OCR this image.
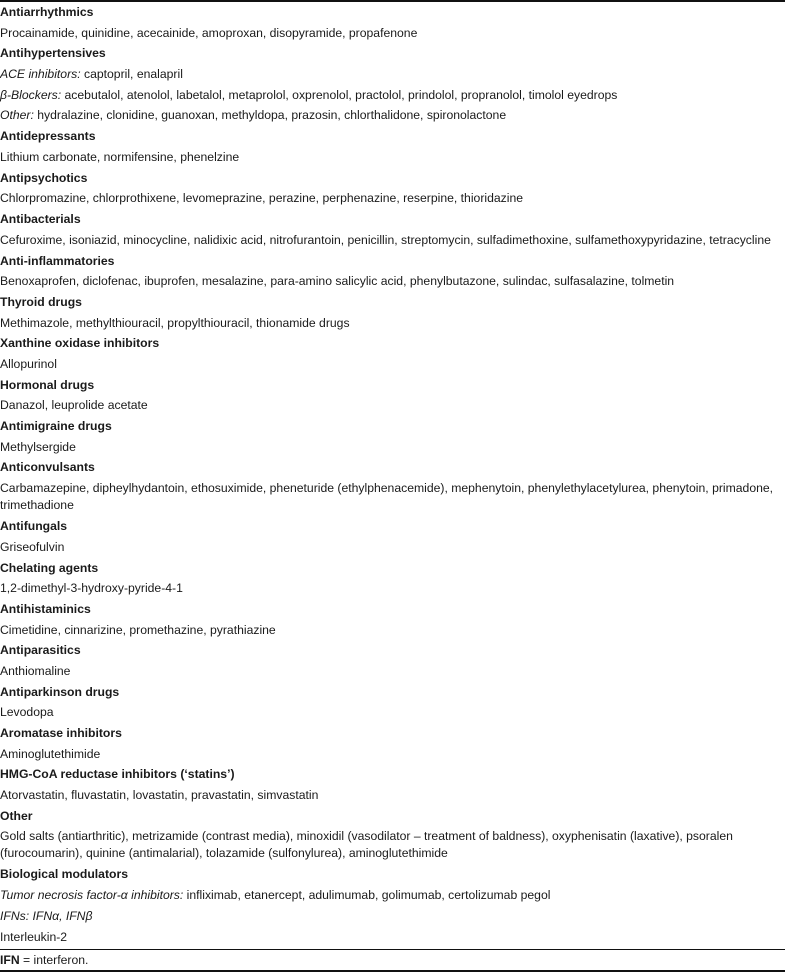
Antiarrhythmics
Procainamide, quinidine, acecainide, amoproxan, disopyramide, propafenone
Antihypertensives
ACE inhibitors: captopril, enalapril
β-Blockers: acebutalol, atenolol, labetalol, metaprolol, oxprenolol, practolol, prindolol, propranolol, timolol eyedrops
Other: hydralazine, clonidine, guanoxan, methyldopa, prazosin, chlorthalidone, spironolactone
Antidepressants
Lithium carbonate, normifensine, phenelzine
Antipsychotics
Chlorpromazine, chlorprothixene, levomeprazine, perazine, perphenazine, reserpine, thioridazine
Antibacterials
Cefuroxime, isoniazid, minocycline, nalidixic acid, nitrofurantoin, penicillin, streptomycin, sulfadimethoxine, sulfamethoxypyridazine, tetracycline
Anti-inflammatories
Benoxaprofen, diclofenac, ibuprofen, mesalazine, para-amino salicylic acid, phenylbutazone, sulindac, sulfasalazine, tolmetin
Thyroid drugs
Methimazole, methylthiouracil, propylthiouracil, thionamide drugs
Xanthine oxidase inhibitors
Allopurinol
Hormonal drugs
Danazol, leuprolide acetate
Antimigraine drugs
Methylsergide
Anticonvulsants
Carbamazepine, dipheylhydantoin, ethosuximide, pheneturide (ethylphenacemide), mephenytoin, phenylethylacetylurea, phenytoin, primadone, trimethadione
Antifungals
Griseofulvin
Chelating agents
1,2-dimethyl-3-hydroxy-pyride-4-1
Antihistaminics
Cimetidine, cinnarizine, promethazine, pyrathiazine
Antiparasitics
Anthiomaline
Antiparkinson drugs
Levodopa
Aromatase inhibitors
Aminoglutethimide
HMG-CoA reductase inhibitors (‘statins’)
Atorvastatin, fluvastatin, lovastatin, pravastatin, simvastatin
Other
Gold salts (antiarthritic), metrizamide (contrast media), minoxidil (vasodilator – treatment of baldness), oxyphenisatin (laxative), psoralen (furocoumarin), quinine (antimalarial), tolazamide (sulfonylurea), aminoglutethimide
Biological modulators
Tumor necrosis factor-α inhibitors: infliximab, etanercept, adulimumab, golimumab, certolizumab pegol
IFNs: IFNα, IFNβ
Interleukin-2
IFN = interferon.
